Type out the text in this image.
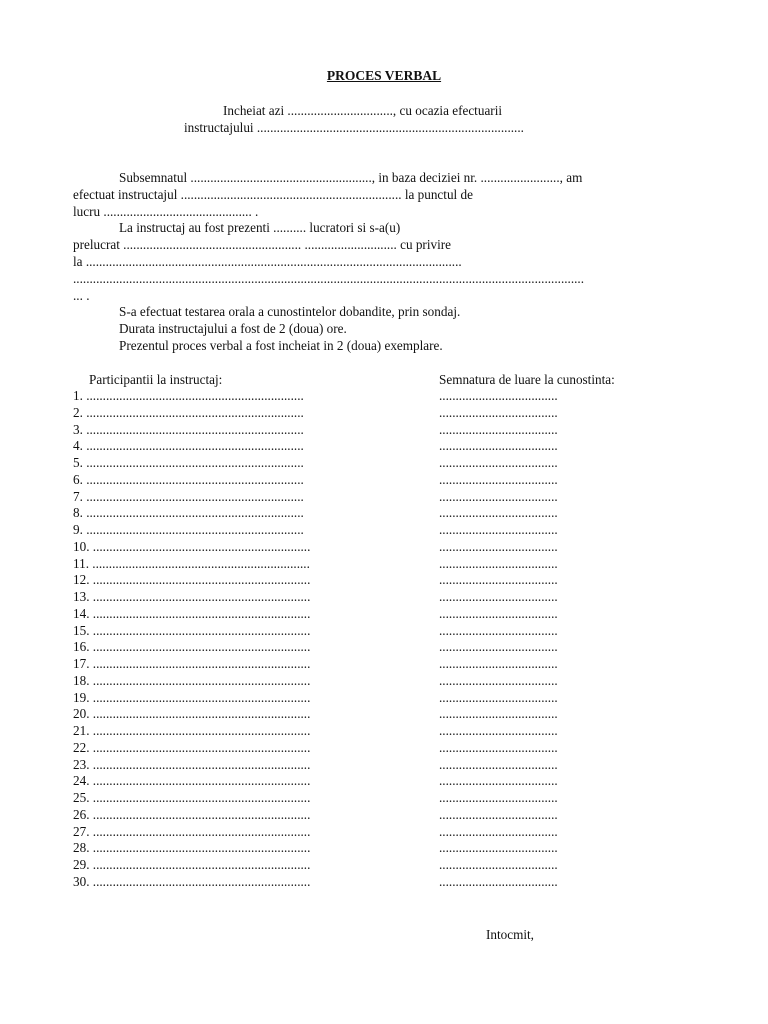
PROCES VERBAL
Incheiat azi ................................, cu ocazia efectuarii
instructajului .................................................................................
Subsemnatul ......................................................., in baza deciziei nr. ........................, am
efectuat instructajul ................................................................... la punctul de
lucru ............................................. .
La instructaj au fost prezenti .......... lucratori si s-a(u)
prelucrat ...................................................... ............................ cu privire
la ..................................................................................................................
...........................................................................................................................................................
... .
S-a efectuat testarea orala a cunostintelor dobandite, prin sondaj.
Durata instructajului a fost de 2 (doua) ore.
Prezentul proces verbal a fost incheiat in 2 (doua) exemplare.
Participantii la instructaj:	Semnatura de luare la cunostinta:
1. ..................................................................	....................................
2. ..................................................................	....................................
3. ..................................................................	....................................
4. ..................................................................	....................................
5. ..................................................................	....................................
6. ..................................................................	....................................
7. ..................................................................	....................................
8. ..................................................................	....................................
9. ..................................................................	....................................
10. ..................................................................	....................................
11. ..................................................................	....................................
12. ..................................................................	....................................
13. ..................................................................	....................................
14. ..................................................................	....................................
15. ..................................................................	....................................
16. ..................................................................	....................................
17. ..................................................................	....................................
18. ..................................................................	....................................
19. ..................................................................	....................................
20. ..................................................................	....................................
21. ..................................................................	....................................
22. ..................................................................	....................................
23. ..................................................................	....................................
24. ..................................................................	....................................
25. ..................................................................	....................................
26. ..................................................................	....................................
27. ..................................................................	....................................
28. ..................................................................	....................................
29. ..................................................................	....................................
30. ..................................................................	....................................
Intocmit,
